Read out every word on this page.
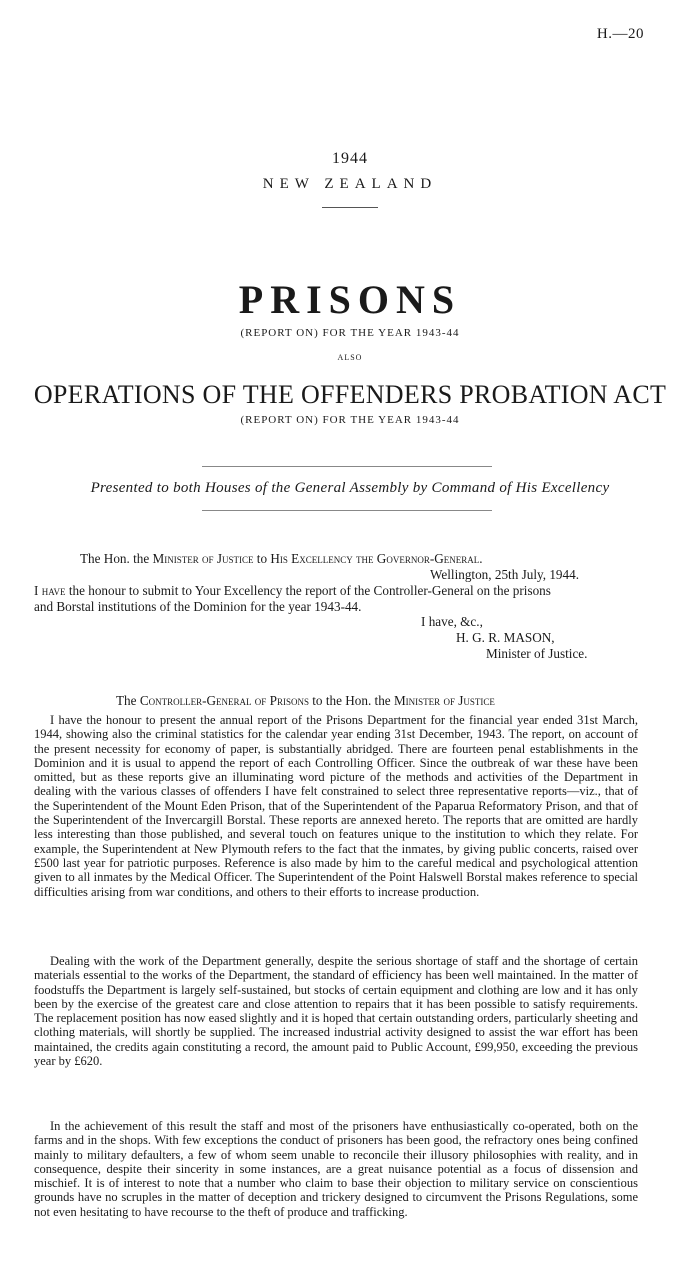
H.—20
1944
NEW ZEALAND
PRISONS
(REPORT ON) FOR THE YEAR 1943-44
ALSO
OPERATIONS OF THE OFFENDERS PROBATION ACT
(REPORT ON) FOR THE YEAR 1943-44
Presented to both Houses of the General Assembly by Command of His Excellency
The Hon. the Minister of Justice to His Excellency the Governor-General.
Wellington, 25th July, 1944.
I have the honour to submit to Your Excellency the report of the Controller-General on the prisons
and Borstal institutions of the Dominion for the year 1943-44.
I have, &c.,
H. G. R. MASON,
Minister of Justice.
The Controller-General of Prisons to the Hon. the Minister of Justice

I have the honour to present the annual report of the Prisons Department for the financial year ended 31st March, 1944, showing also the criminal statistics for the calendar year ending 31st December, 1943. The report, on account of the present necessity for economy of paper, is substantially abridged. There are fourteen penal establishments in the Dominion and it is usual to append the report of each Controlling Officer. Since the outbreak of war these have been omitted, but as these reports give an illuminating word picture of the methods and activities of the Department in dealing with the various classes of offenders I have felt constrained to select three representative reports—viz., that of the Superintendent of the Mount Eden Prison, that of the Superintendent of the Paparua Reformatory Prison, and that of the Superintendent of the Invercargill Borstal. These reports are annexed hereto. The reports that are omitted are hardly less interesting than those published, and several touch on features unique to the institution to which they relate. For example, the Superintendent at New Plymouth refers to the fact that the inmates, by giving public concerts, raised over £500 last year for patriotic purposes. Reference is also made by him to the careful medical and psychological attention given to all inmates by the Medical Officer. The Superintendent of the Point Halswell Borstal makes reference to special difficulties arising from war conditions, and others to their efforts to increase production.

Dealing with the work of the Department generally, despite the serious shortage of staff and the shortage of certain materials essential to the works of the Department, the standard of efficiency has been well maintained. In the matter of foodstuffs the Department is largely self-sustained, but stocks of certain equipment and clothing are low and it has only been by the exercise of the greatest care and close attention to repairs that it has been possible to satisfy requirements. The replacement position has now eased slightly and it is hoped that certain outstanding orders, particularly sheeting and clothing materials, will shortly be supplied. The increased industrial activity designed to assist the war effort has been maintained, the credits again constituting a record, the amount paid to Public Account, £99,950, exceeding the previous year by £620.

In the achievement of this result the staff and most of the prisoners have enthusiastically co-operated, both on the farms and in the shops. With few exceptions the conduct of prisoners has been good, the refractory ones being confined mainly to military defaulters, a few of whom seem unable to reconcile their illusory philosophies with reality, and in consequence, despite their sincerity in some instances, are a great nuisance potential as a focus of dissension and mischief. It is of interest to note that a number who claim to base their objection to military service on conscientious grounds have no scruples in the matter of deception and trickery designed to circumvent the Prisons Regulations, some not even hesitating to have recourse to the theft of produce and trafficking.
